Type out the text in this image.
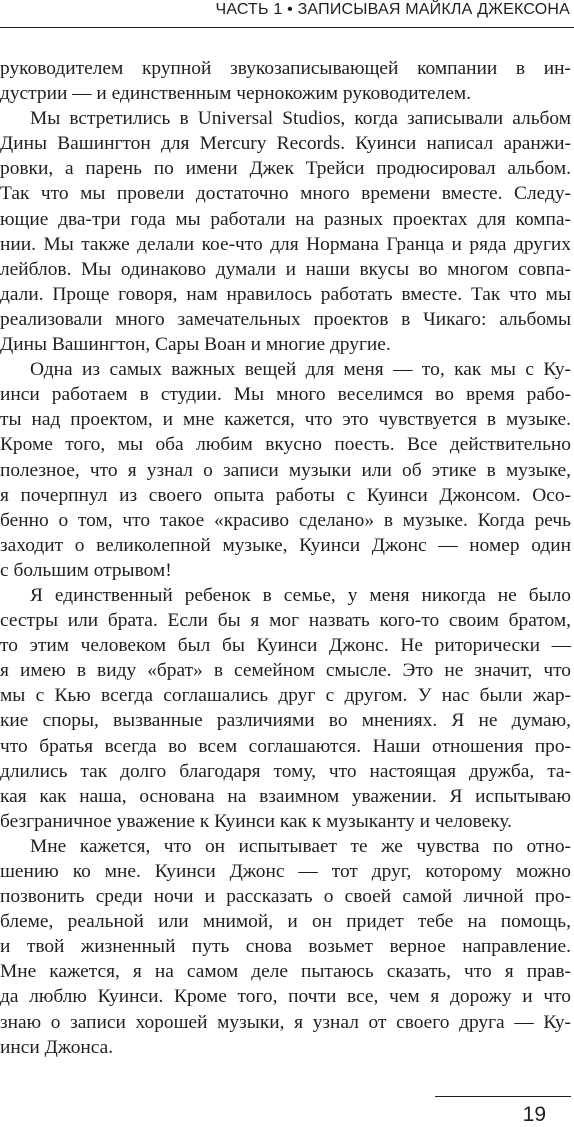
ЧАСТЬ 1 • ЗАПИСЫВАЯ МАЙКЛА ДЖЕКСОНА

руководителем крупной звукозаписывающей компании в ин-

дустрии — и единственным чернокожим руководителем.

Мы встретились в Universal Studios, когда записывали альбом

Дины Вашингтон для Mercury Records. Куинси написал аранжи-

ровки, а парень по имени Джек Трейси продюсировал альбом.

Так что мы провели достаточно много времени вместе. Следу-

ющие два-три года мы работали на разных проектах для компа-

нии. Мы также делали кое-что для Нормана Гранца и ряда других

лейблов. Мы одинаково думали и наши вкусы во многом совпа-

дали. Проще говоря, нам нравилось работать вместе. Так что мы

реализовали много замечательных проектов в Чикаго: альбомы

Дины Вашингтон, Сары Воан и многие другие.

Одна из самых важных вещей для меня — то, как мы с Ку-

инси работаем в студии. Мы много веселимся во время рабо-

ты над проектом, и мне кажется, что это чувствуется в музыке.

Кроме того, мы оба любим вкусно поесть. Все действительно

полезное, что я узнал о записи музыки или об этике в музыке,

я почерпнул из своего опыта работы с Куинси Джонсом. Осо-

бенно о том, что такое «красиво сделано» в музыке. Когда речь

заходит о великолепной музыке, Куинси Джонс — номер один

с большим отрывом!

Я единственный ребенок в семье, у меня никогда не было

сестры или брата. Если бы я мог назвать кого-то своим братом,

то этим человеком был бы Куинси Джонс. Не риторически —

я имею в виду «брат» в семейном смысле. Это не значит, что

мы с Кью всегда соглашались друг с другом. У нас были жар-

кие споры, вызванные различиями во мнениях. Я не думаю,

что братья всегда во всем соглашаются. Наши отношения про-

длились так долго благодаря тому, что настоящая дружба, та-

кая как наша, основана на взаимном уважении. Я испытываю

безграничное уважение к Куинси как к музыканту и человеку.

Мне кажется, что он испытывает те же чувства по отно-

шению ко мне. Куинси Джонс — тот друг, которому можно

позвонить среди ночи и рассказать о своей самой личной про-

блеме, реальной или мнимой, и он придет тебе на помощь,

и твой жизненный путь снова возьмет верное направление.

Мне кажется, я на самом деле пытаюсь сказать, что я прав-

да люблю Куинси. Кроме того, почти все, чем я дорожу и что

знаю о записи хорошей музыки, я узнал от своего друга — Ку-

инси Джонса.

19
